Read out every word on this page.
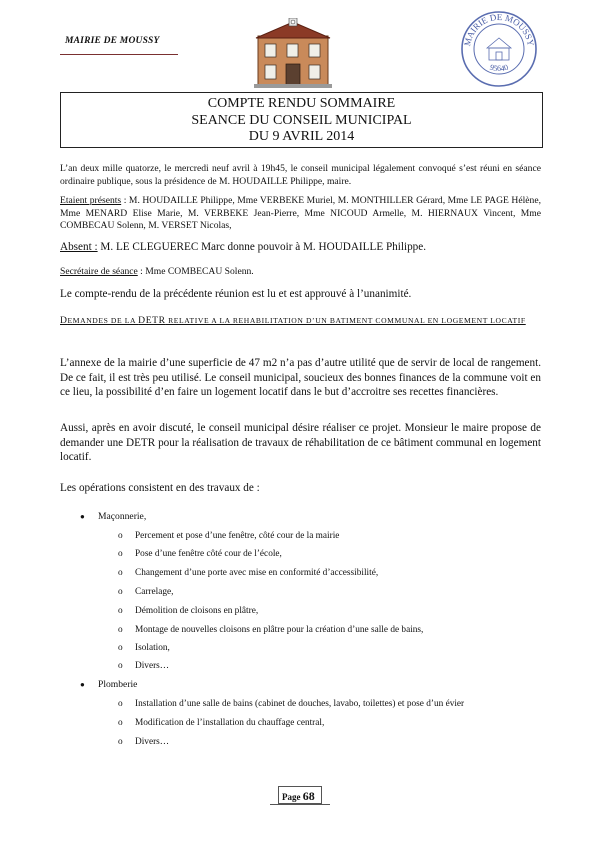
MAIRIE DE MOUSSY	MAIRIE DE MOUSSY
95640
COMPTE RENDU SOMMAIRE
SEANCE DU CONSEIL MUNICIPAL
DU 9 AVRIL 2014
L’an deux mille quatorze, le mercredi neuf avril à 19h45, le conseil municipal légalement convoqué s’est réuni en séance ordinaire publique, sous la présidence de M. HOUDAILLE Philippe, maire.
Etaient présents : M. HOUDAILLE Philippe, Mme VERBEKE Muriel, M. MONTHILLER Gérard, Mme LE PAGE Hélène, Mme MENARD Elise Marie, M. VERBEKE Jean-Pierre, Mme NICOUD Armelle, M. HIERNAUX Vincent, Mme COMBECAU Solenn, M. VERSET Nicolas,
Absent : M. LE CLEGUEREC Marc donne pouvoir à M. HOUDAILLE Philippe.
Secrétaire de séance : Mme COMBECAU Solenn.
Le compte-rendu de la précédente réunion est lu et est approuvé à l’unanimité.
DEMANDES DE LA DETR RELATIVE A LA REHABILITATION D’UN BATIMENT COMMUNAL EN LOGEMENT LOCATIF
L’annexe de la mairie d’une superficie de 47 m2 n’a pas d’autre utilité que de servir de local de rangement. De ce fait, il est très peu utilisé. Le conseil municipal, soucieux des bonnes finances de la commune voit en ce lieu, la possibilité d’en faire un logement locatif dans le but d’accroitre ses recettes financières.
Aussi, après en avoir discuté, le conseil municipal désire réaliser ce projet. Monsieur le maire propose de demander une DETR pour la réalisation de travaux de réhabilitation de ce bâtiment communal en logement locatif.
Les opérations consistent en des travaux de :
● Maçonnerie,
o Percement et pose d’une fenêtre, côté cour de la mairie
o Pose d’une fenêtre côté cour de l’école,
o Changement d’une porte avec mise en conformité d’accessibilité,
o Carrelage,
o Démolition de cloisons en plâtre,
o Montage de nouvelles cloisons en plâtre pour la création d’une salle de bains,
o Isolation,
o Divers…
● Plomberie
o Installation d’une salle de bains (cabinet de douches, lavabo, toilettes) et pose d’un évier
o Modification de l’installation du chauffage central,
o Divers…
Page 68
